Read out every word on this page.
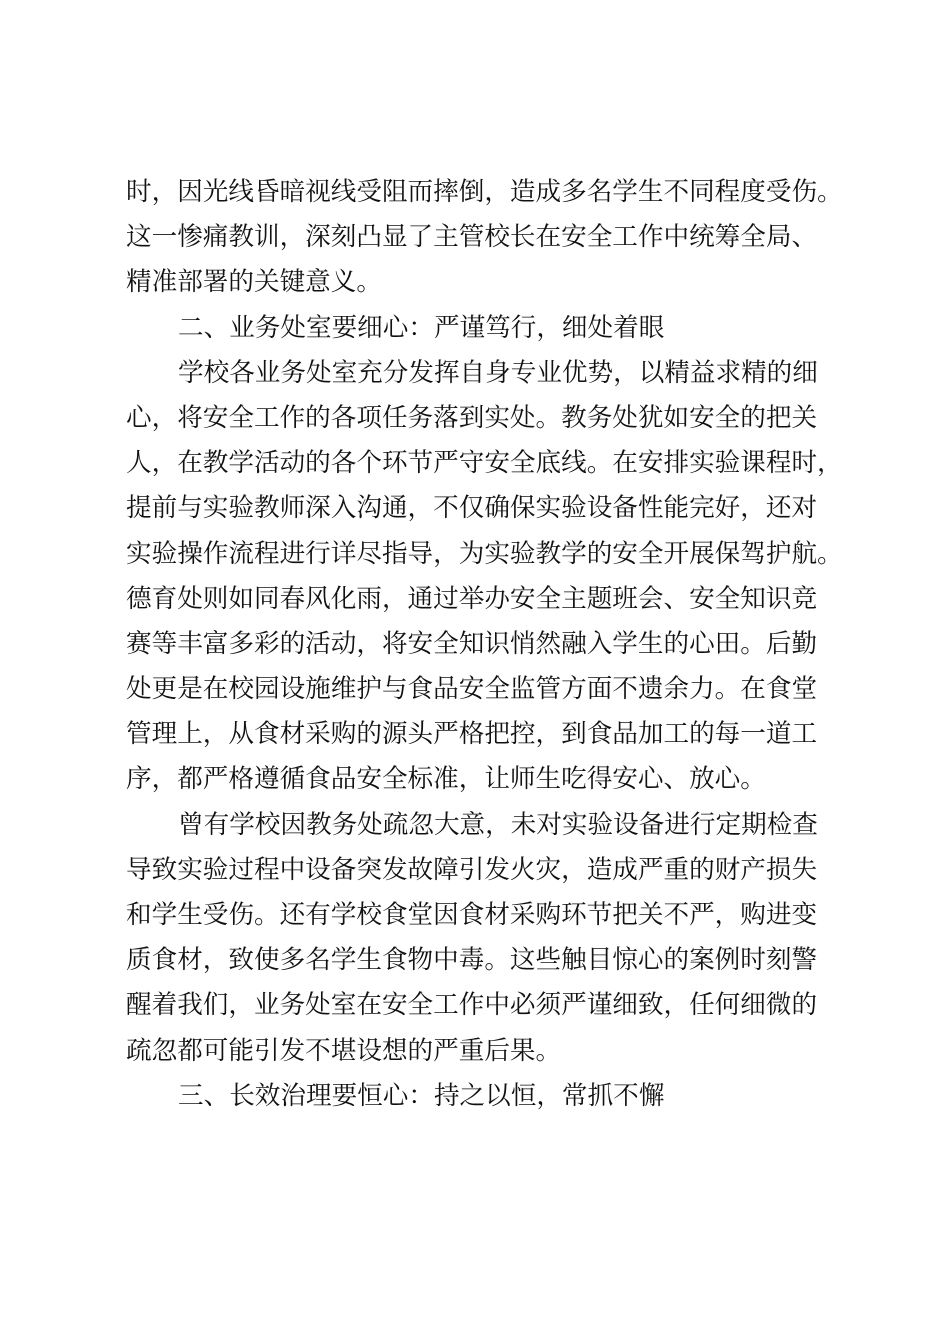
时，因光线昏暗视线受阻而摔倒，造成多名学生不同程度受伤。
这一惨痛教训，深刻凸显了主管校长在安全工作中统筹全局、
精准部署的关键意义。
二、业务处室要细心：严谨笃行，细处着眼
学校各业务处室充分发挥自身专业优势，以精益求精的细
心，将安全工作的各项任务落到实处。教务处犹如安全的把关
人，在教学活动的各个环节严守安全底线。在安排实验课程时，
提前与实验教师深入沟通，不仅确保实验设备性能完好，还对
实验操作流程进行详尽指导，为实验教学的安全开展保驾护航。
德育处则如同春风化雨，通过举办安全主题班会、安全知识竞
赛等丰富多彩的活动，将安全知识悄然融入学生的心田。后勤
处更是在校园设施维护与食品安全监管方面不遗余力。在食堂
管理上，从食材采购的源头严格把控，到食品加工的每一道工
序，都严格遵循食品安全标准，让师生吃得安心、放心。
曾有学校因教务处疏忽大意，未对实验设备进行定期检查
导致实验过程中设备突发故障引发火灾，造成严重的财产损失
和学生受伤。还有学校食堂因食材采购环节把关不严，购进变
质食材，致使多名学生食物中毒。这些触目惊心的案例时刻警
醒着我们，业务处室在安全工作中必须严谨细致，任何细微的
疏忽都可能引发不堪设想的严重后果。
三、长效治理要恒心：持之以恒，常抓不懈
